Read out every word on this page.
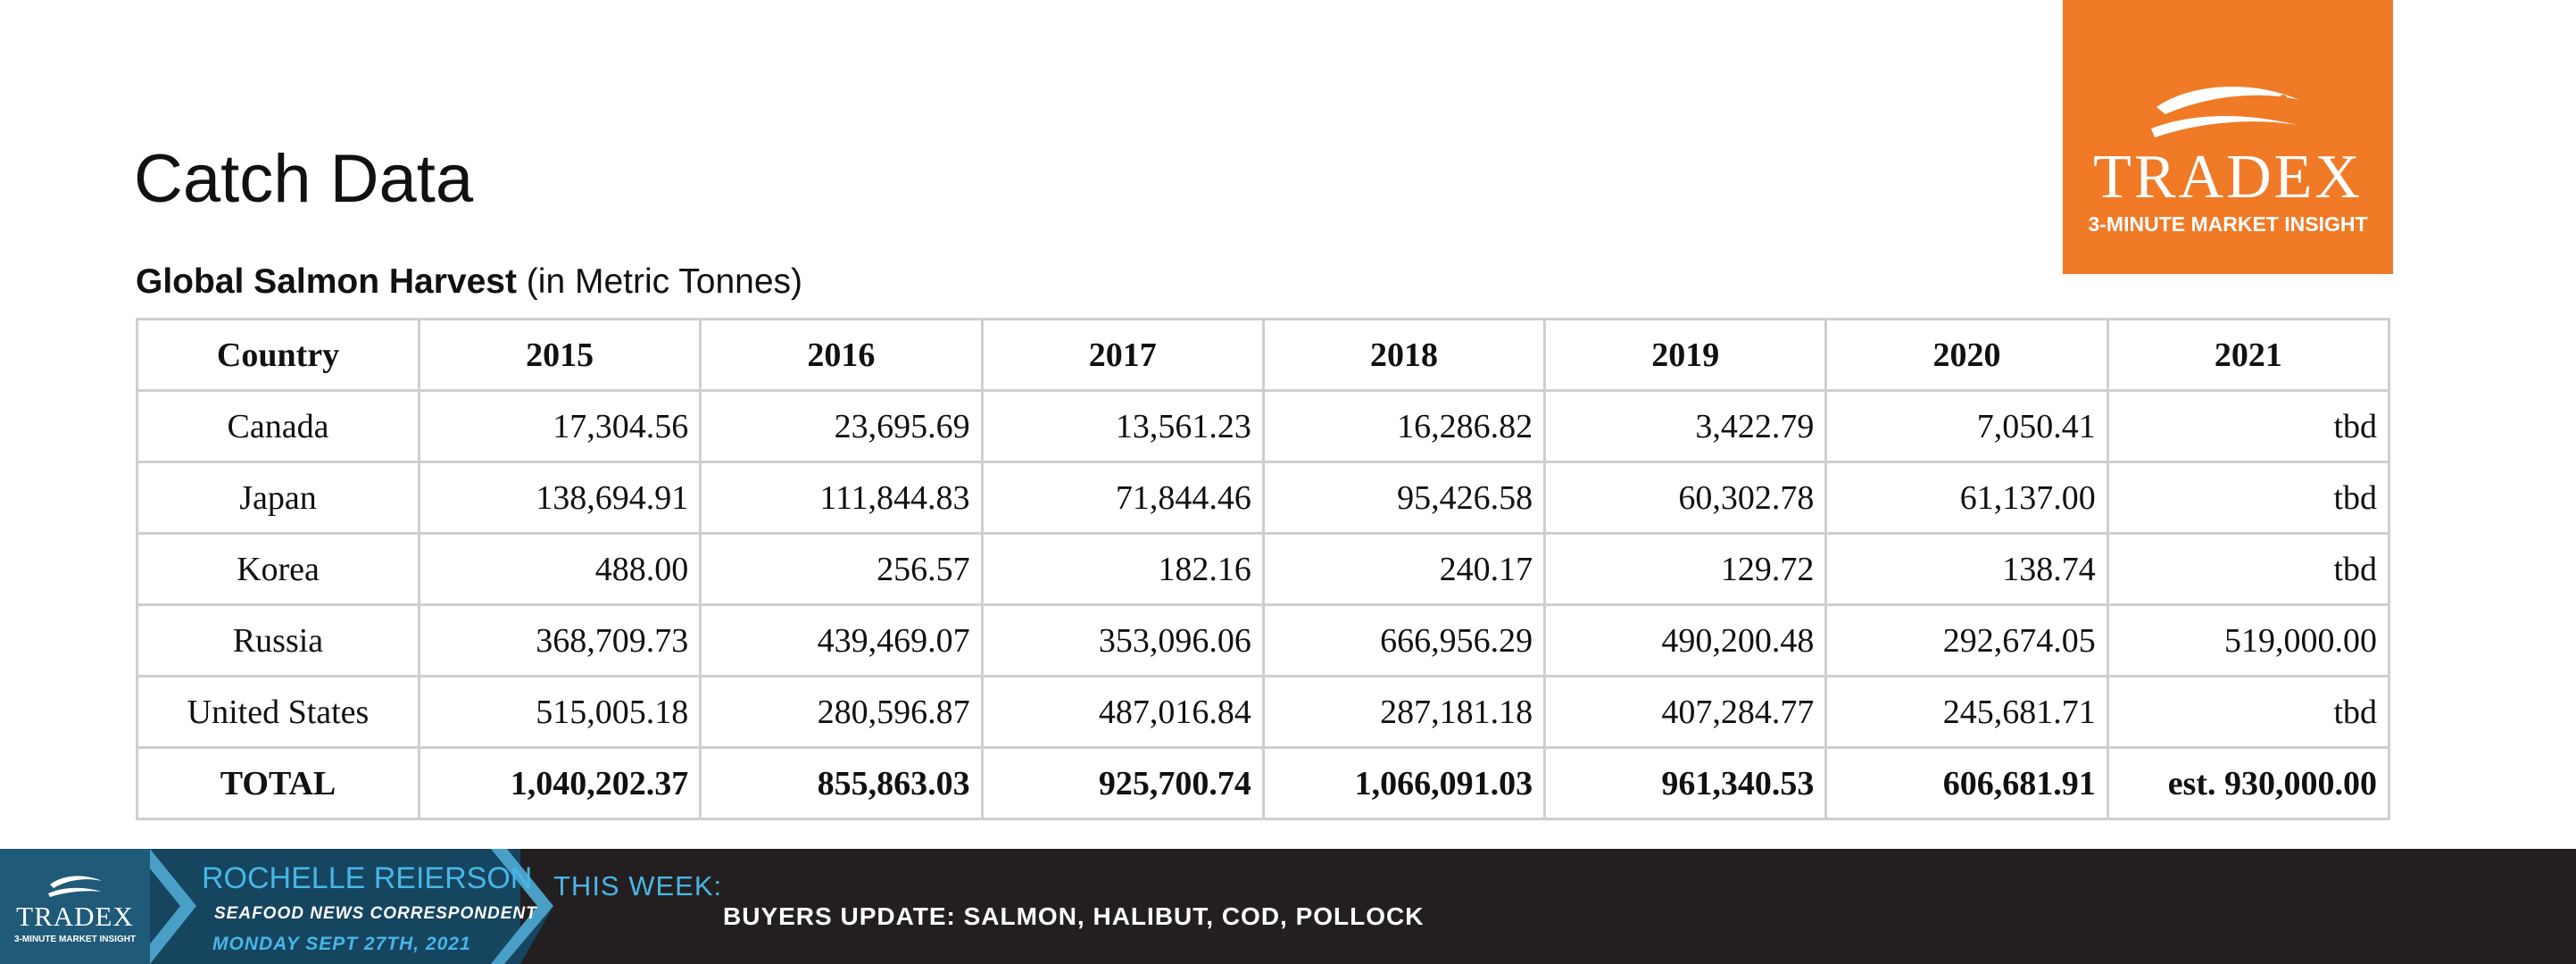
Catch Data
Global Salmon Harvest (in Metric Tonnes)
TRADEX
3-MINUTE MARKET INSIGHT
Country	2015	2016	2017	2018	2019	2020	2021
Canada	17,304.56	23,695.69	13,561.23	16,286.82	3,422.79	7,050.41	tbd
Japan	138,694.91	111,844.83	71,844.46	95,426.58	60,302.78	61,137.00	tbd
Korea	488.00	256.57	182.16	240.17	129.72	138.74	tbd
Russia	368,709.73	439,469.07	353,096.06	666,956.29	490,200.48	292,674.05	519,000.00
United States	515,005.18	280,596.87	487,016.84	287,181.18	407,284.77	245,681.71	tbd
TOTAL	1,040,202.37	855,863.03	925,700.74	1,066,091.03	961,340.53	606,681.91	est. 930,000.00
TRADEX
3-MINUTE MARKET INSIGHT
ROCHELLE REIERSON
SEAFOOD NEWS CORRESPONDENT
MONDAY SEPT 27TH, 2021
THIS WEEK:
BUYERS UPDATE: SALMON, HALIBUT, COD, POLLOCK
